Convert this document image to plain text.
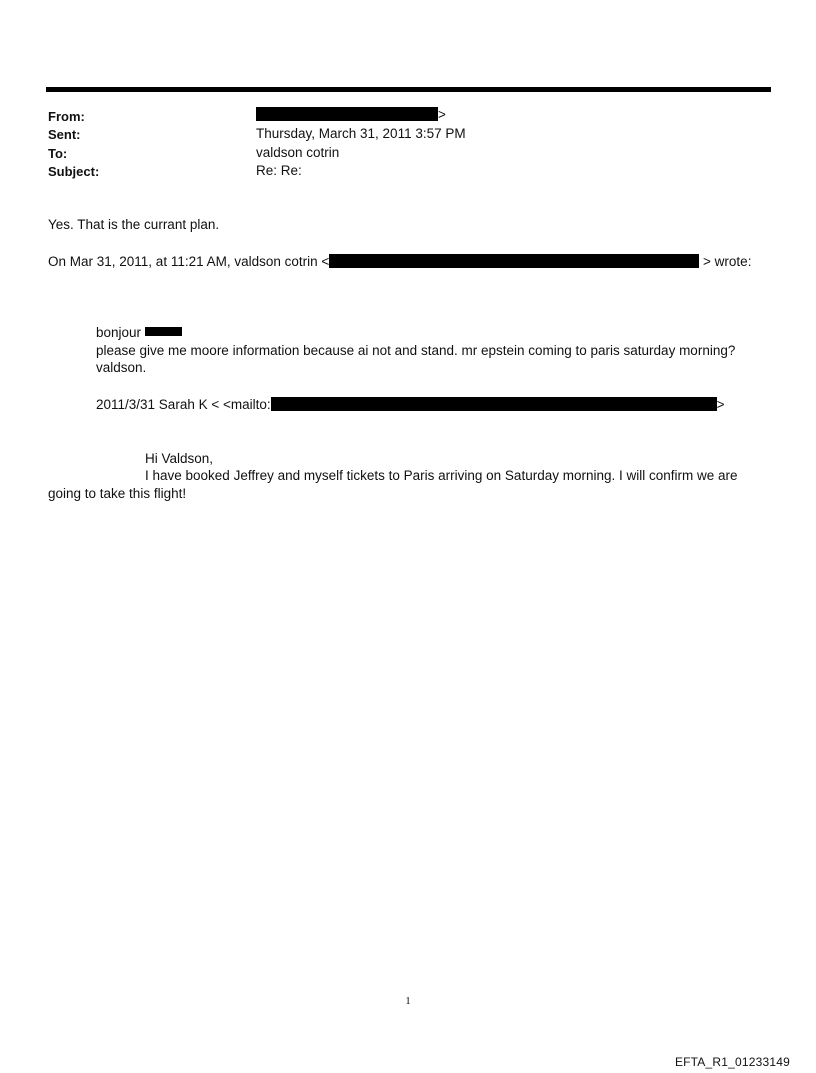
From:	>
Sent:	Thursday, March 31, 2011 3:57 PM
To:	valdson cotrin
Subject:	Re: Re:
Yes. That is the currant plan.
On Mar 31, 2011, at 11:21 AM, valdson cotrin <	> wrote:
bonjour
please give me moore information because ai not and stand. mr epstein coming to paris saturday morning?
valdson.
2011/3/31 Sarah K < <mailto:	>
Hi Valdson,
I have booked Jeffrey and myself tickets to Paris arriving on Saturday morning. I will confirm we are going to take this flight!
1
EFTA_R1_01233149
